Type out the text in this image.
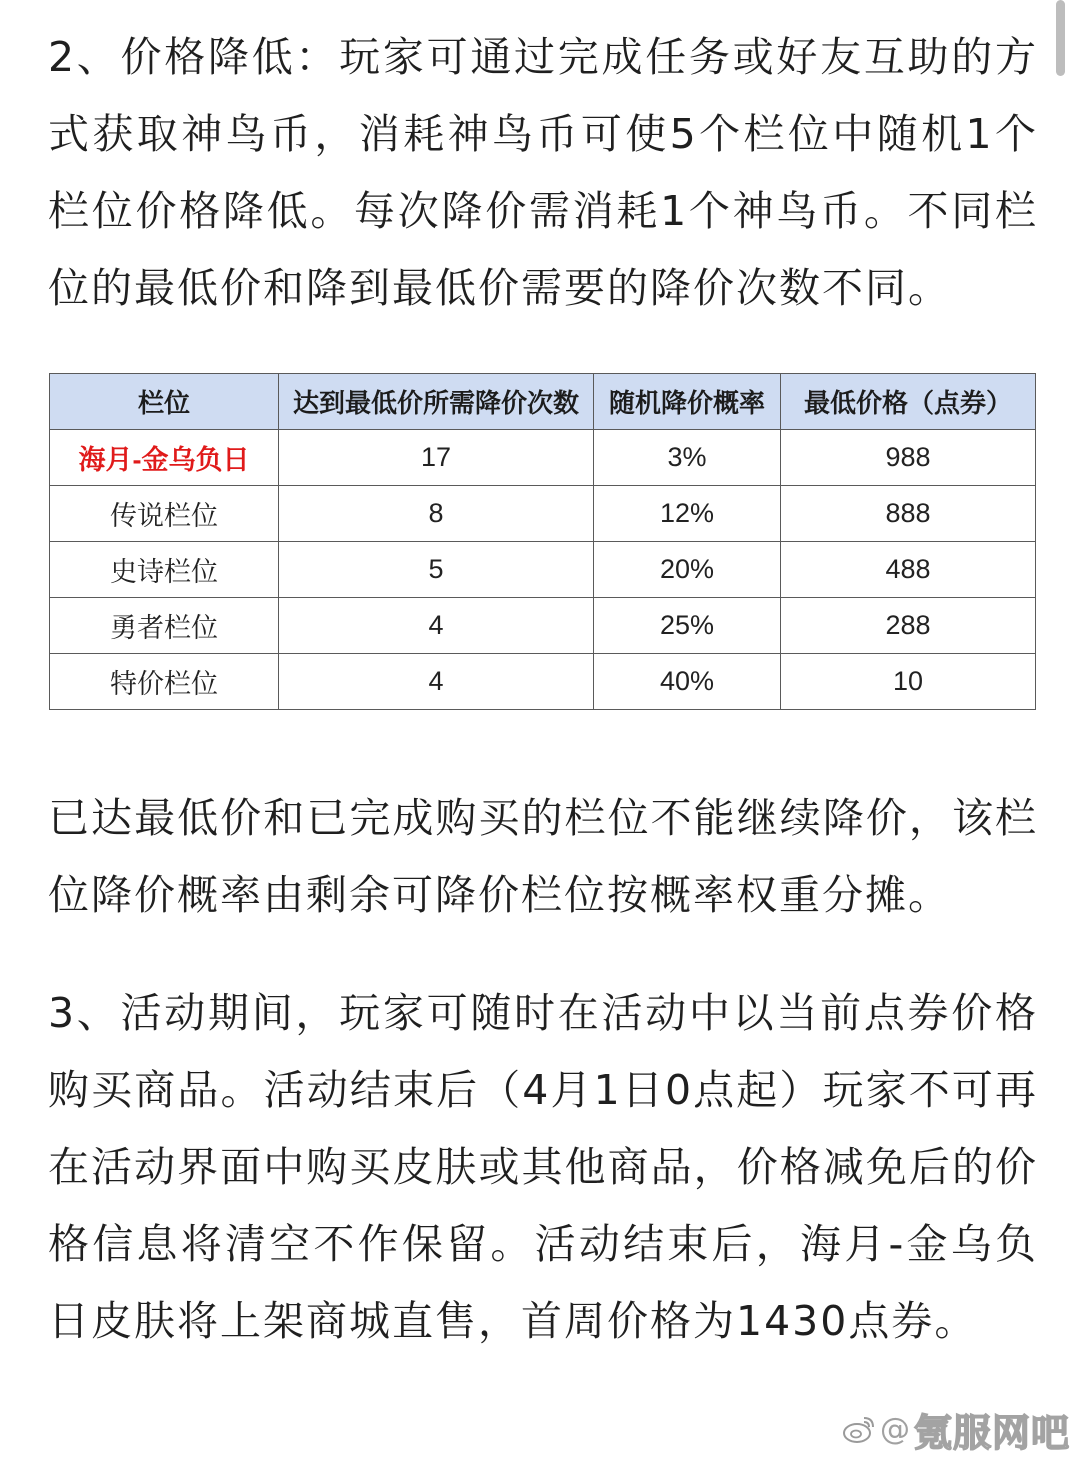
2、价格降低：玩家可通过完成任务或好友互助的方式获取神鸟币，消耗神鸟币可使5个栏位中随机1个栏位价格降低。每次降价需消耗1个神鸟币。不同栏位的最低价和降到最低价需要的降价次数不同。

栏位	达到最低价所需降价次数	随机降价概率	最低价格（点券）
海月-金乌负日	17	3%	988
传说栏位	8	12%	888
史诗栏位	5	20%	488
勇者栏位	4	25%	288
特价栏位	4	40%	10

已达最低价和已完成购买的栏位不能继续降价，该栏位降价概率由剩余可降价栏位按概率权重分摊。

3、活动期间，玩家可随时在活动中以当前点券价格购买商品。活动结束后（4月1日0点起）玩家不可再在活动界面中购买皮肤或其他商品，价格减免后的价格信息将清空不作保留。活动结束后，海月-金乌负日皮肤将上架商城直售，首周价格为1430点券。

@ 氪服网吧
